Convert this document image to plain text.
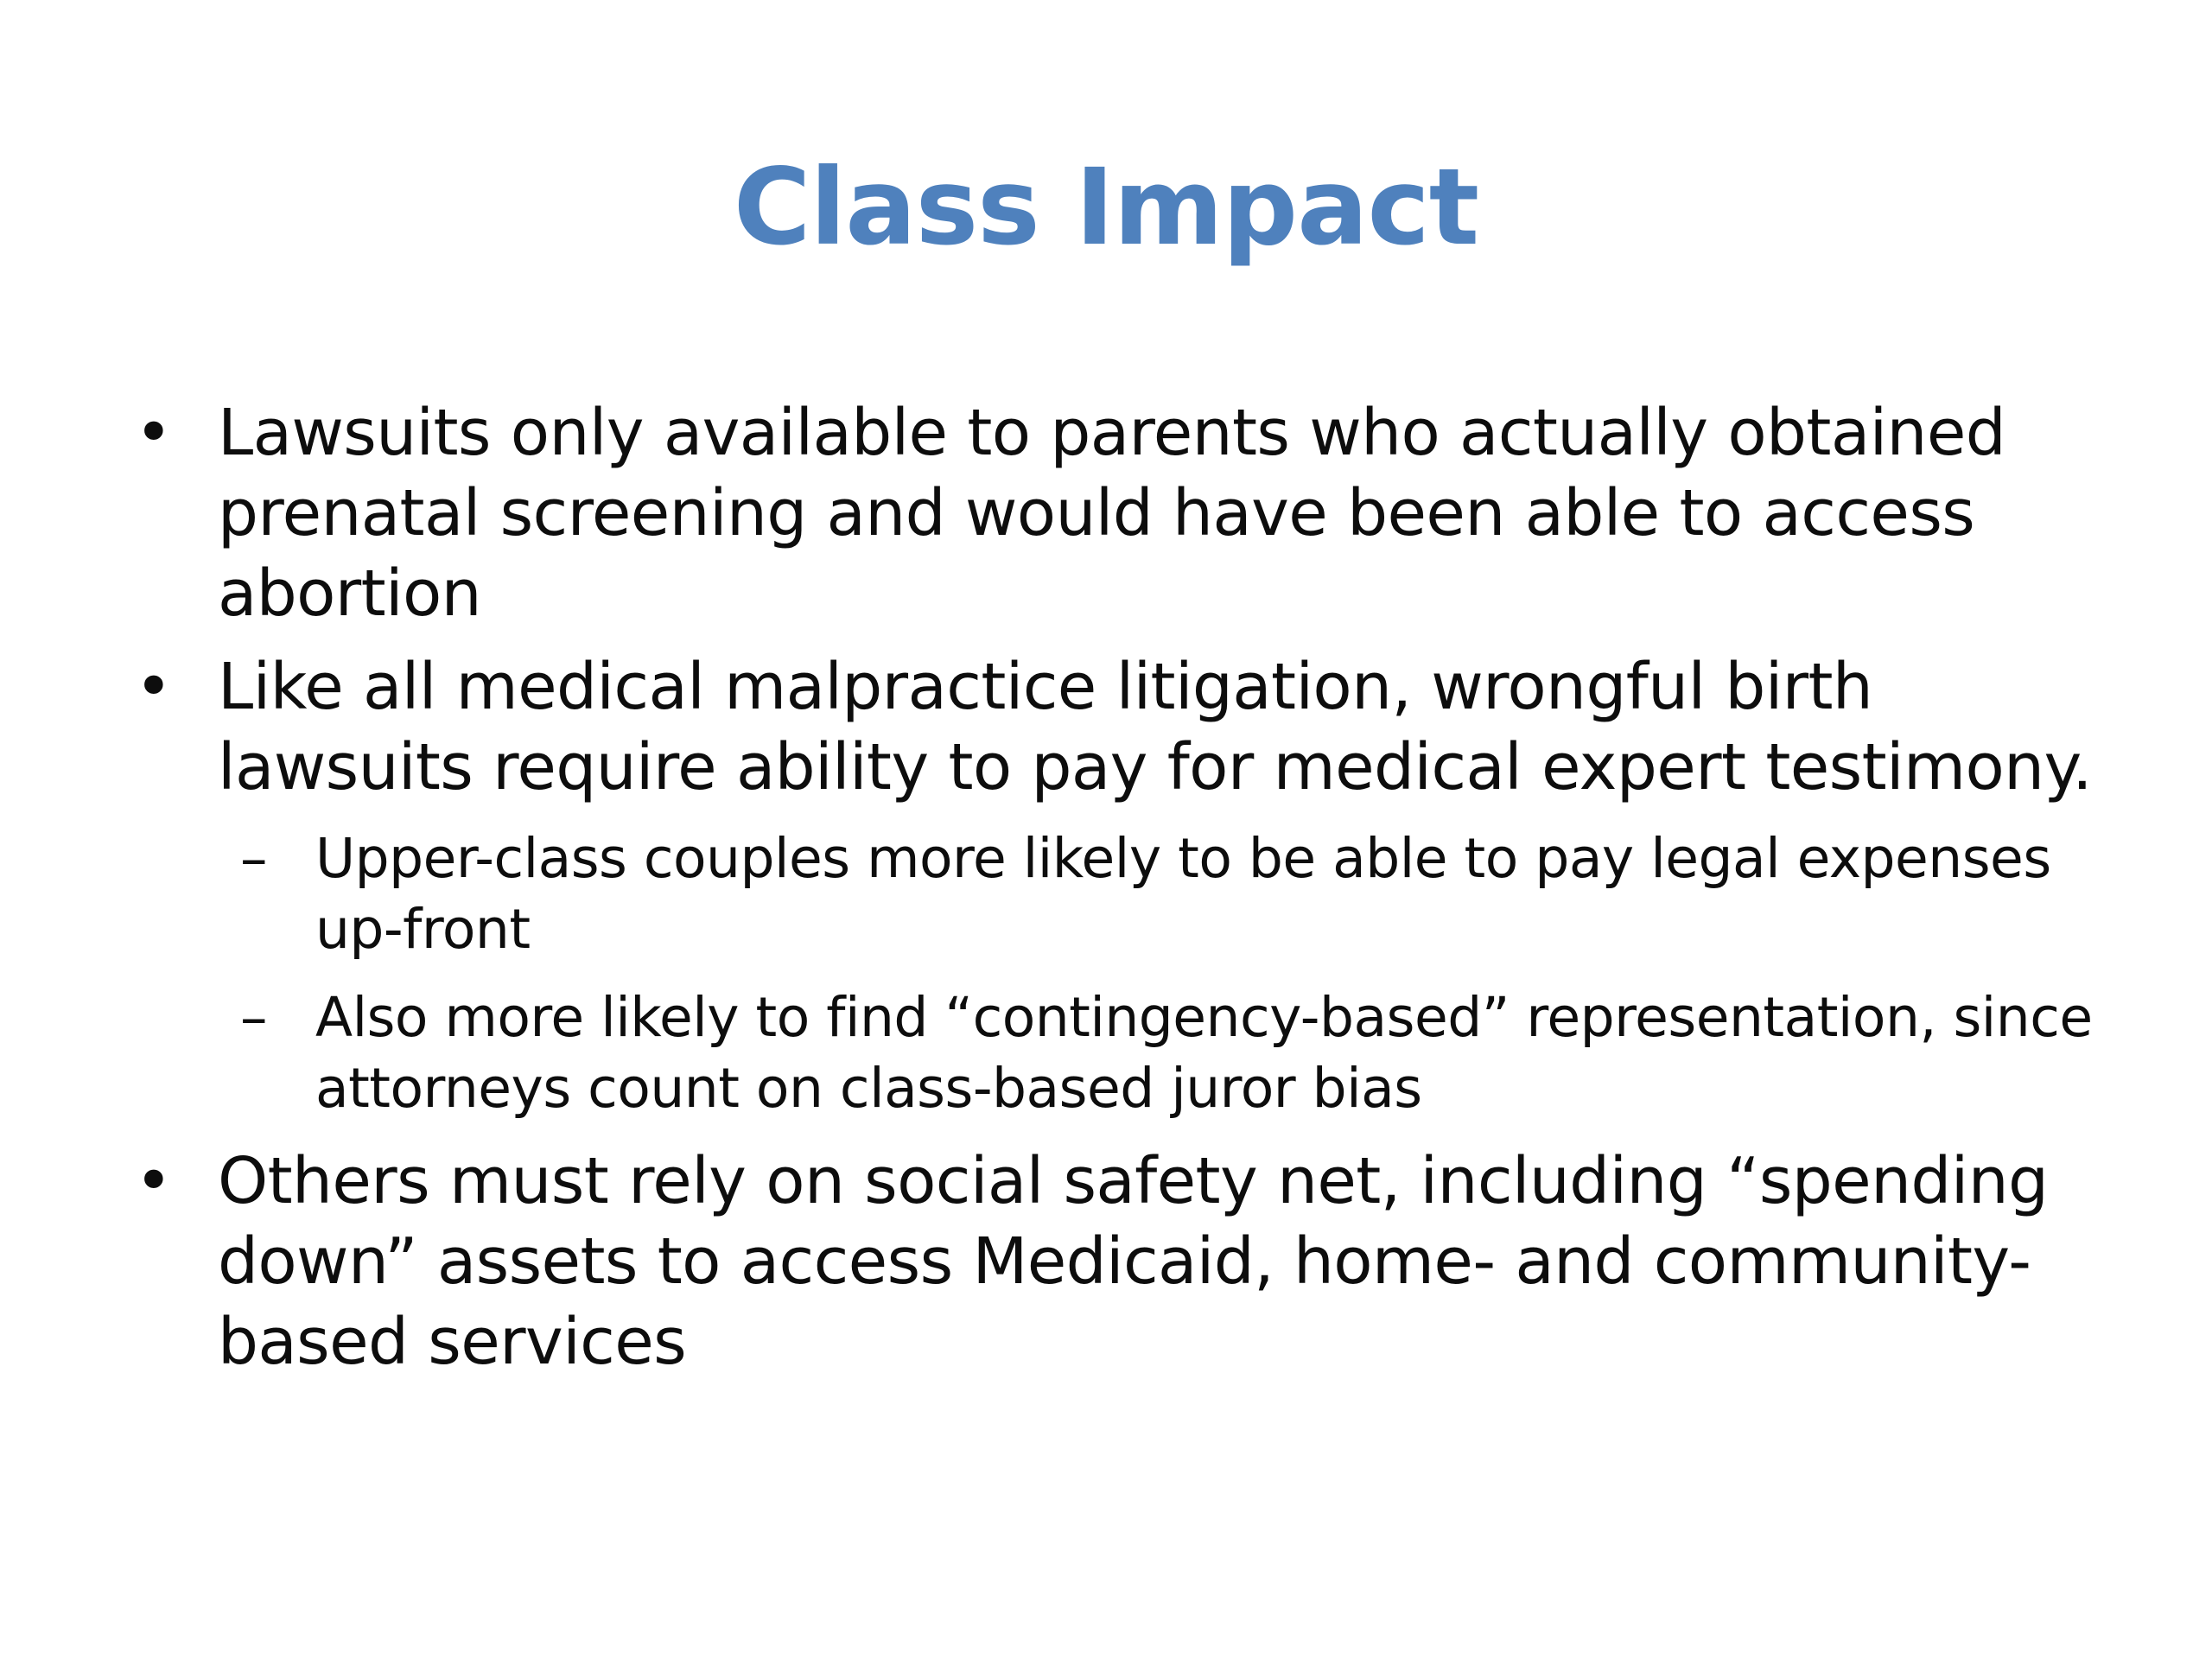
Class Impact
• Lawsuits only available to parents who actually obtained prenatal screening and would have been able to access abortion
• Like all medical malpractice litigation, wrongful birth lawsuits require ability to pay for medical expert testimony.
– Upper-class couples more likely to be able to pay legal expenses up-front
– Also more likely to find “contingency-based” representation, since attorneys count on class-based juror bias
• Others must rely on social safety net, including “spending down” assets to access Medicaid, home- and community-based services
